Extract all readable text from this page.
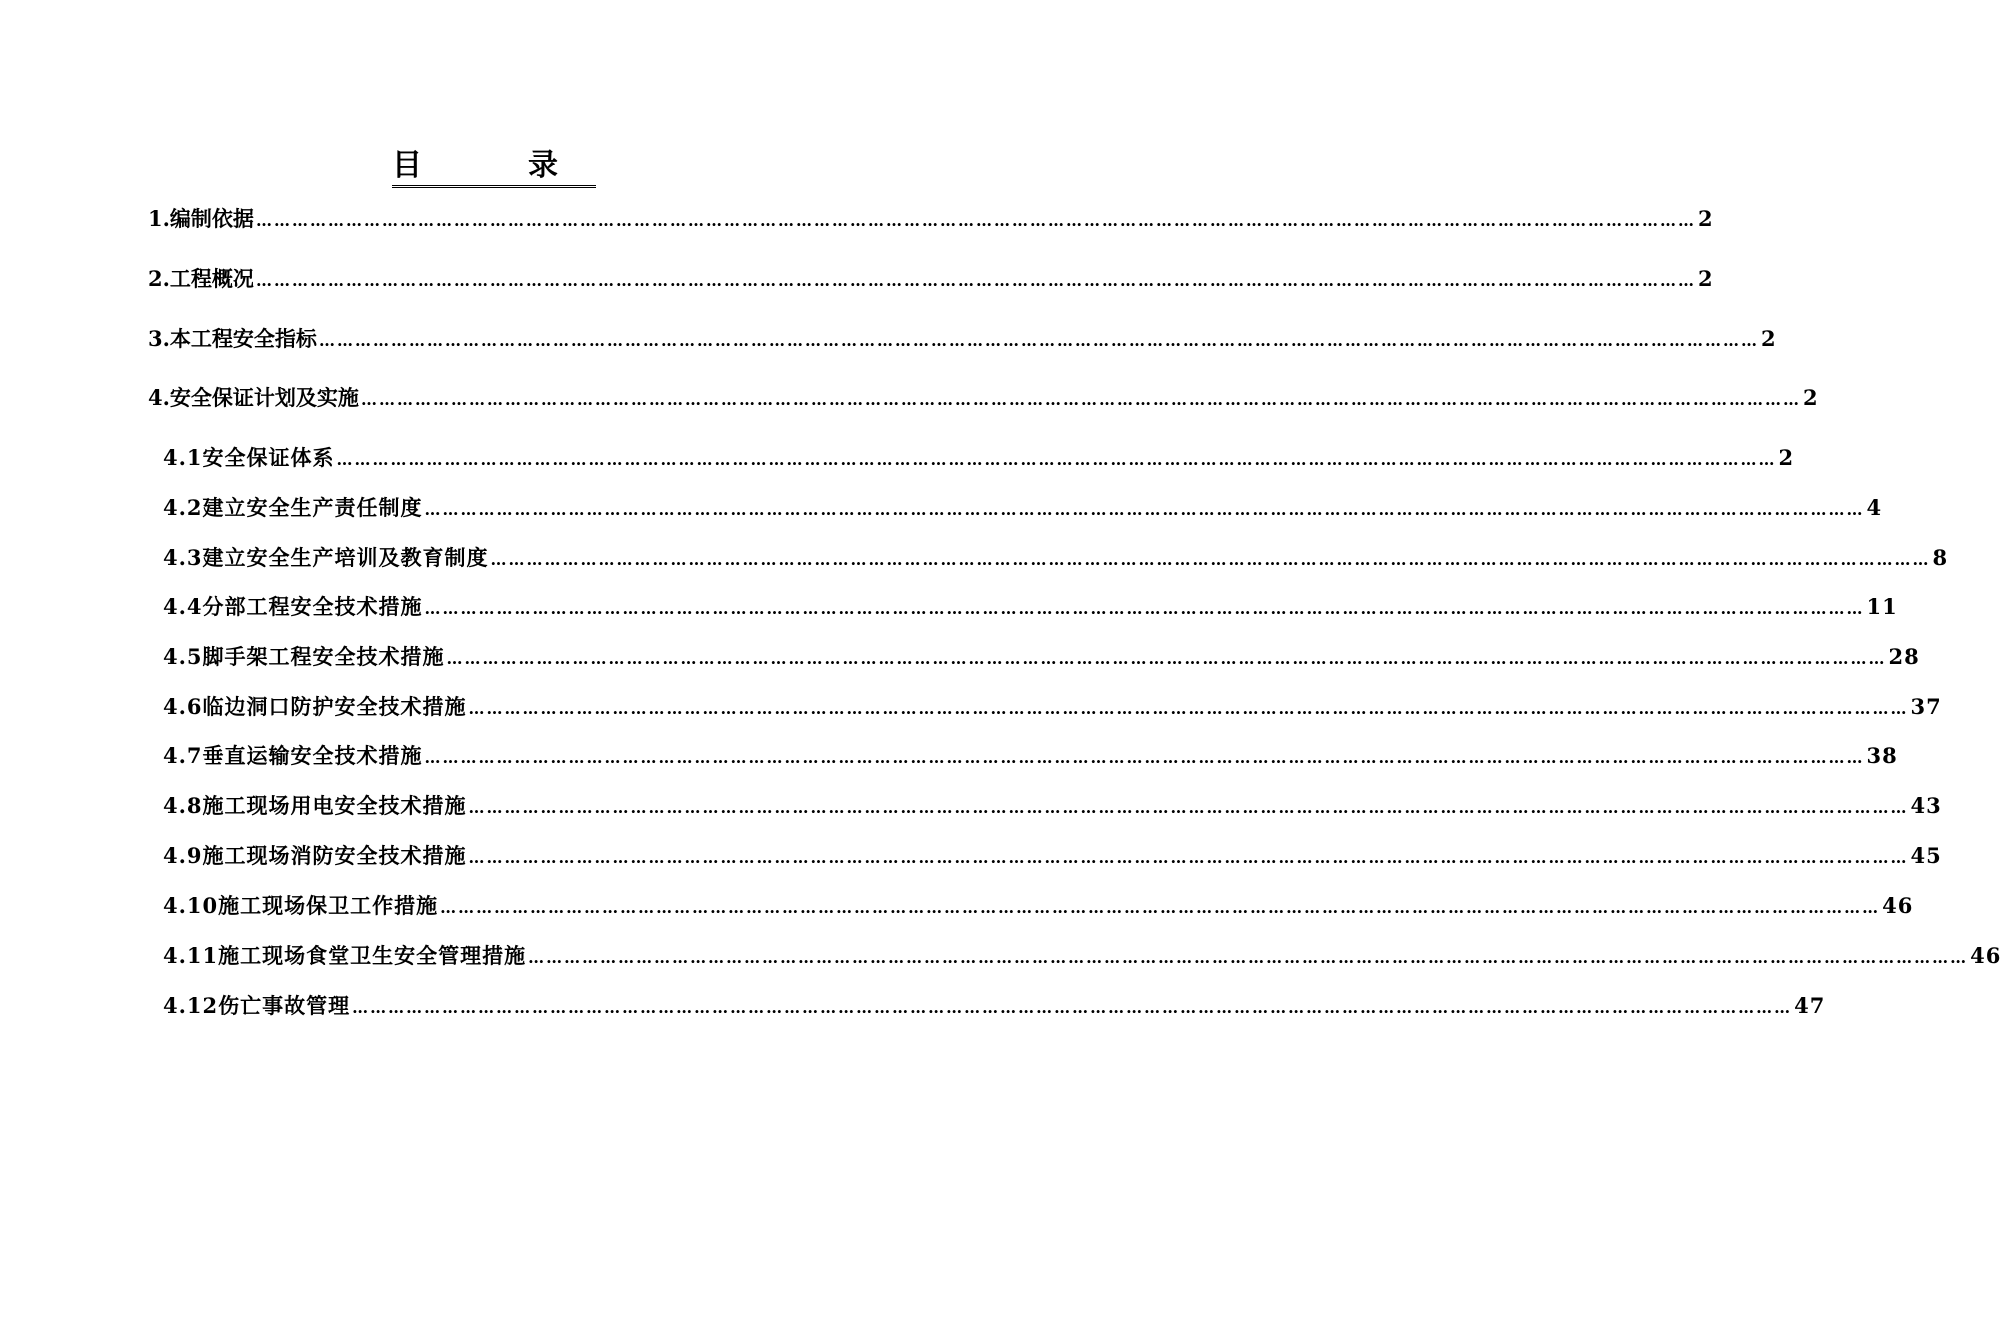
目　录
1.编制依据 …………………………………………………………………………………………………………………………………………………………………………………………………………………… 2
2.工程概况 …………………………………………………………………………………………………………………………………………………………………………………………………………………… 2
3.本工程安全指标 …………………………………………………………………………………………………………………………………………………………………………………………………………………… 2
4.安全保证计划及实施 …………………………………………………………………………………………………………………………………………………………………………………………………………………… 2
4.1安全保证体系 …………………………………………………………………………………………………………………………………………………………………………………………………………………… 2
4.2建立安全生产责任制度 …………………………………………………………………………………………………………………………………………………………………………………………………………………… 4
4.3建立安全生产培训及教育制度 …………………………………………………………………………………………………………………………………………………………………………………………………………………… 8
4.4分部工程安全技术措施 …………………………………………………………………………………………………………………………………………………………………………………………………………………… 11
4.5脚手架工程安全技术措施 …………………………………………………………………………………………………………………………………………………………………………………………………………………… 28
4.6临边洞口防护安全技术措施 …………………………………………………………………………………………………………………………………………………………………………………………………………………… 37
4.7垂直运输安全技术措施 …………………………………………………………………………………………………………………………………………………………………………………………………………………… 38
4.8施工现场用电安全技术措施 …………………………………………………………………………………………………………………………………………………………………………………………………………………… 43
4.9施工现场消防安全技术措施 …………………………………………………………………………………………………………………………………………………………………………………………………………………… 45
4.10施工现场保卫工作措施 …………………………………………………………………………………………………………………………………………………………………………………………………………………… 46
4.11施工现场食堂卫生安全管理措施 …………………………………………………………………………………………………………………………………………………………………………………………………………………… 46
4.12伤亡事故管理 …………………………………………………………………………………………………………………………………………………………………………………………………………………… 47
